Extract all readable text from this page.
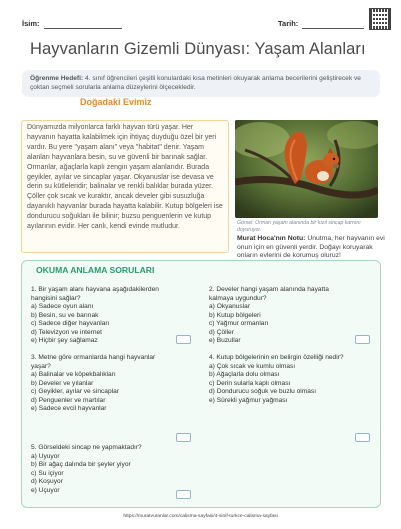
İsim:	Tarih:
Hayvanların Gizemli Dünyası: Yaşam Alanları
Öğrenme Hedefi: 4. sınıf öğrencileri çeşitli konulardaki kısa metinleri okuyarak anlama becerilerini geliştirecek ve çoktan seçmeli sorularla anlama düzeylerini ölçecekledir.
Doğadaki Evimiz
Dünyamızda milyonlarca farklı hayvan türü yaşar. Her hayvanın hayatta kalabilmek için ihtiyaç duyduğu özel bir yeri vardır. Bu yere "yaşam alanı" veya "habitat" denir. Yaşam alanları hayvanlara besin, su ve güvenli bir barınak sağlar. Ormanlar, ağaçlarla kaplı zengin yaşam alanlarıdır. Burada geyikler, ayılar ve sincaplar yaşar. Okyanuslar ise devasa ve derin su kütleleridir; balinalar ve renkli balıklar burada yüzer. Çöller çok sıcak ve kuraktır, ancak develer gibi susuzluğa dayanıklı hayvanlar burada hayatta kalabilir. Kutup bölgeleri ise dondurucu soğukları ile bilinir; buzsu penguenlerin ve kutup ayılarının evidir. Her canlı, kendi evinde mutludur.
Görsel: Orman yaşam alanında bir kızıl sincap karnını doyuruyor.
Murat Hoca'nın Notu: Unutma, her hayvanın evi onun için en güvenli yerdir. Doğayı koruyarak onların evlerini de korumuş oluruz!
OKUMA ANLAMA SORULARI
1. Bir yaşam alanı hayvana aşağıdakilerden
hangisini sağlar?
a) Sadece oyun alanı
b) Besin, su ve barınak
c) Sadece diğer hayvanları
d) Televizyon ve internet
e) Hiçbir şey sağlamaz
2. Develer hangi yaşam alanında hayatta
kalmaya uygundur?
a) Okyanuslar
b) Kutup bölgeleri
c) Yağmur ormanları
d) Çöller
e) Buzullar
3. Metne göre ormanlarda hangi hayvanlar
yaşar?
a) Balinalar ve köpekbalıkları
b) Develer ve yılanlar
c) Geyikler, ayılar ve sincaplar
d) Penguenler ve martılar
e) Sadece evcil hayvanlar
4. Kutup bölgelerinin en belirgin özelliği nedir?
a) Çok sıcak ve kumlu olması
b) Ağaçlarla dolu olması
c) Derin sularla kaplı olması
d) Dondurucu soğuk ve buzlu olması
e) Sürekli yağmur yağması
5. Görseldeki sincap ne yapmaktadır?
a) Uyuyor
b) Bir ağaç dalında bir şeyler yiyor
c) Su içiyor
d) Koşuyor
e) Uçuyor
https://muratvuranlar.com/calisma-sayfasi/4-sinif-turkce-calisma-sayfasi
